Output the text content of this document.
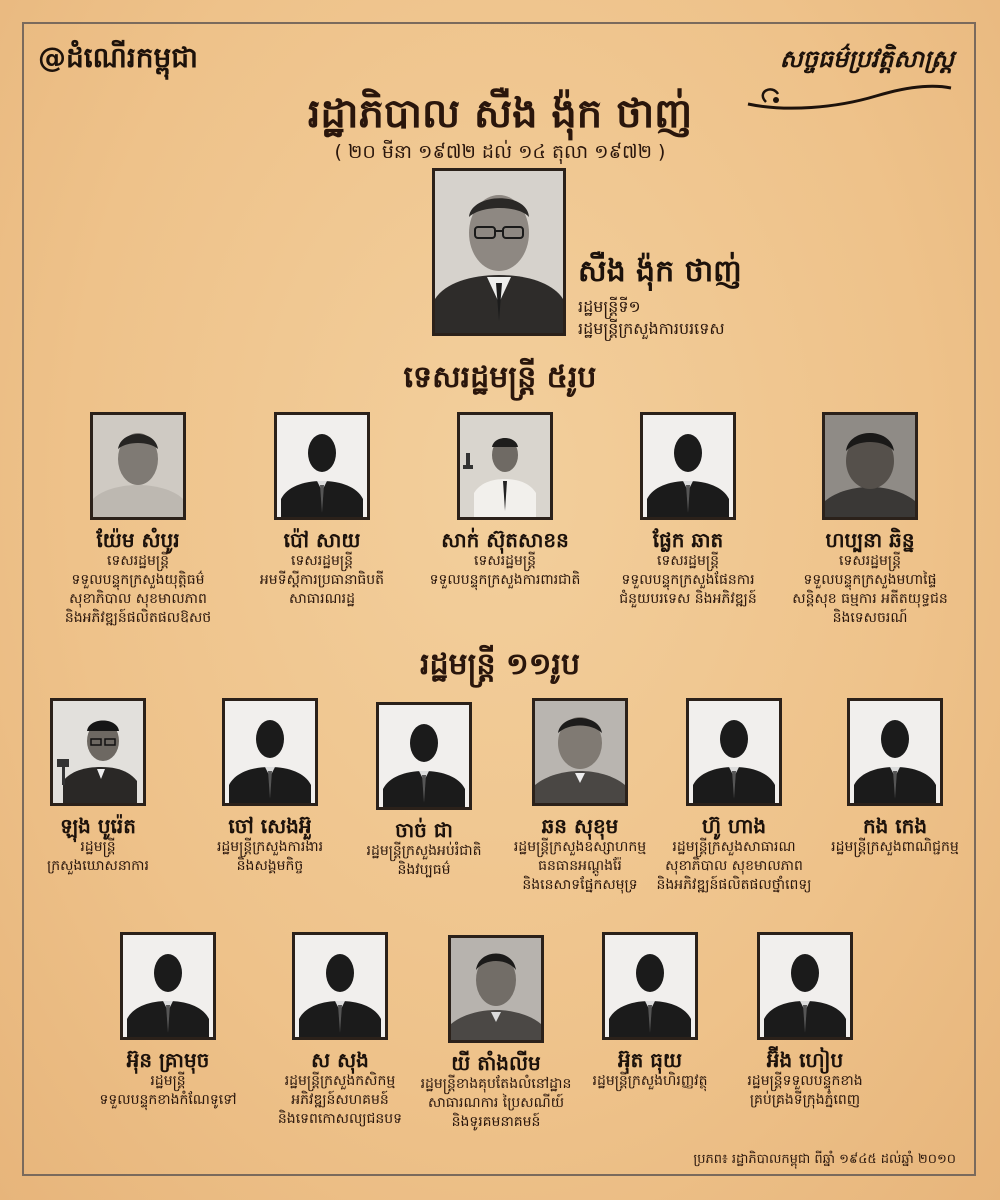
@ដំណើរកម្ពុជា	សច្ចធម៌ប្រវត្តិសាស្ត្រ
រដ្ឋាភិបាល សឺង ង៉ុក ថាញ់
( ២០ មីនា ១៩៧២ ដល់ ១៤ តុលា ១៩៧២ )
សឺង ង៉ុក ថាញ់
រដ្ឋមន្ត្រីទី១
រដ្ឋមន្ត្រីក្រសួងការបរទេស
ទេសរដ្ឋមន្ត្រី ៥រូប
យ៉ែម សំបូរ
ទេសរដ្ឋមន្ត្រី
ទទួលបន្ទុកក្រសួងយុត្តិធម៌
សុខាភិបាល សុខមាលភាព
និងអភិវឌ្ឍន៍ផលិតផលឱសថ
ប៉ៅ សាយ
ទេសរដ្ឋមន្ត្រី
អមទីស្តីការប្រធានាធិបតី
សាធារណរដ្ឋ
សាក់ ស៊ុតសាខន
ទេសរដ្ឋមន្ត្រី
ទទួលបន្ទុកក្រសួងការពារជាតិ
ផ្លែក ឆាត
ទេសរដ្ឋមន្ត្រី
ទទួលបន្ទុកក្រសួងផែនការ
ជំនួយបរទេស និងអភិវឌ្ឍន៍
ហប្បនា ឆិន្ន
ទេសរដ្ឋមន្ត្រី
ទទួលបន្ទុកក្រសួងមហាផ្ទៃ
សន្តិសុខ ធម្មការ អតីតយុទ្ធជន
និងទេសចរណ៍
រដ្ឋមន្ត្រី ១១រូប
ឡុង បូរ៉េត
រដ្ឋមន្ត្រី
ក្រសួងឃោសនាការ
ចៅ សេងអ៊ួ
រដ្ឋមន្ត្រីក្រសួងការងារ
និងសង្គមកិច្ច
ចាច់ ជា
រដ្ឋមន្ត្រីក្រសួងអប់រំជាតិ
និងវប្បធម៌
ឆន សុខុម
រដ្ឋមន្ត្រីក្រសួងឧស្សាហកម្ម
ធនធានអណ្តូងរ៉ែ
និងនេសាទផ្នែកសមុទ្រ
ហ៊ូ ហាង
រដ្ឋមន្ត្រីក្រសួងសាធារណ
សុខាភិបាល សុខមាលភាព
និងអភិវឌ្ឍន៍ផលិតផលថ្នាំពេទ្យ
កង កេង
រដ្ឋមន្ត្រីក្រសួងពាណិជ្ជកម្ម
អ៊ុន គ្រាមុច
រដ្ឋមន្ត្រី
ទទួលបន្ទុកខាងកំណែទូទៅ
ស សុង
រដ្ឋមន្ត្រីក្រសួងកសិកម្ម
អភិវឌ្ឍន៍សហគមន៍
និងទេពកោសល្យជនបទ
យី តាំងលីម
រដ្ឋមន្ត្រីខាងគុបតែងលំនៅដ្ឋាន
សាធារណការ ប្រៃសណីយ៍
និងទូរគមនាគមន៍
អ៊ុត ធុយ
រដ្ឋមន្ត្រីក្រសួងហិរញ្ញវត្ថុ
អ៊ីង ហៀប
រដ្ឋមន្ត្រីទទួលបន្ទុកខាង
គ្រប់គ្រងទីក្រុងភ្នំពេញ
ប្រភព៖ រដ្ឋាភិបាលកម្ពុជា ពីឆ្នាំ ១៩៤៥ ដល់ឆ្នាំ ២០១០
